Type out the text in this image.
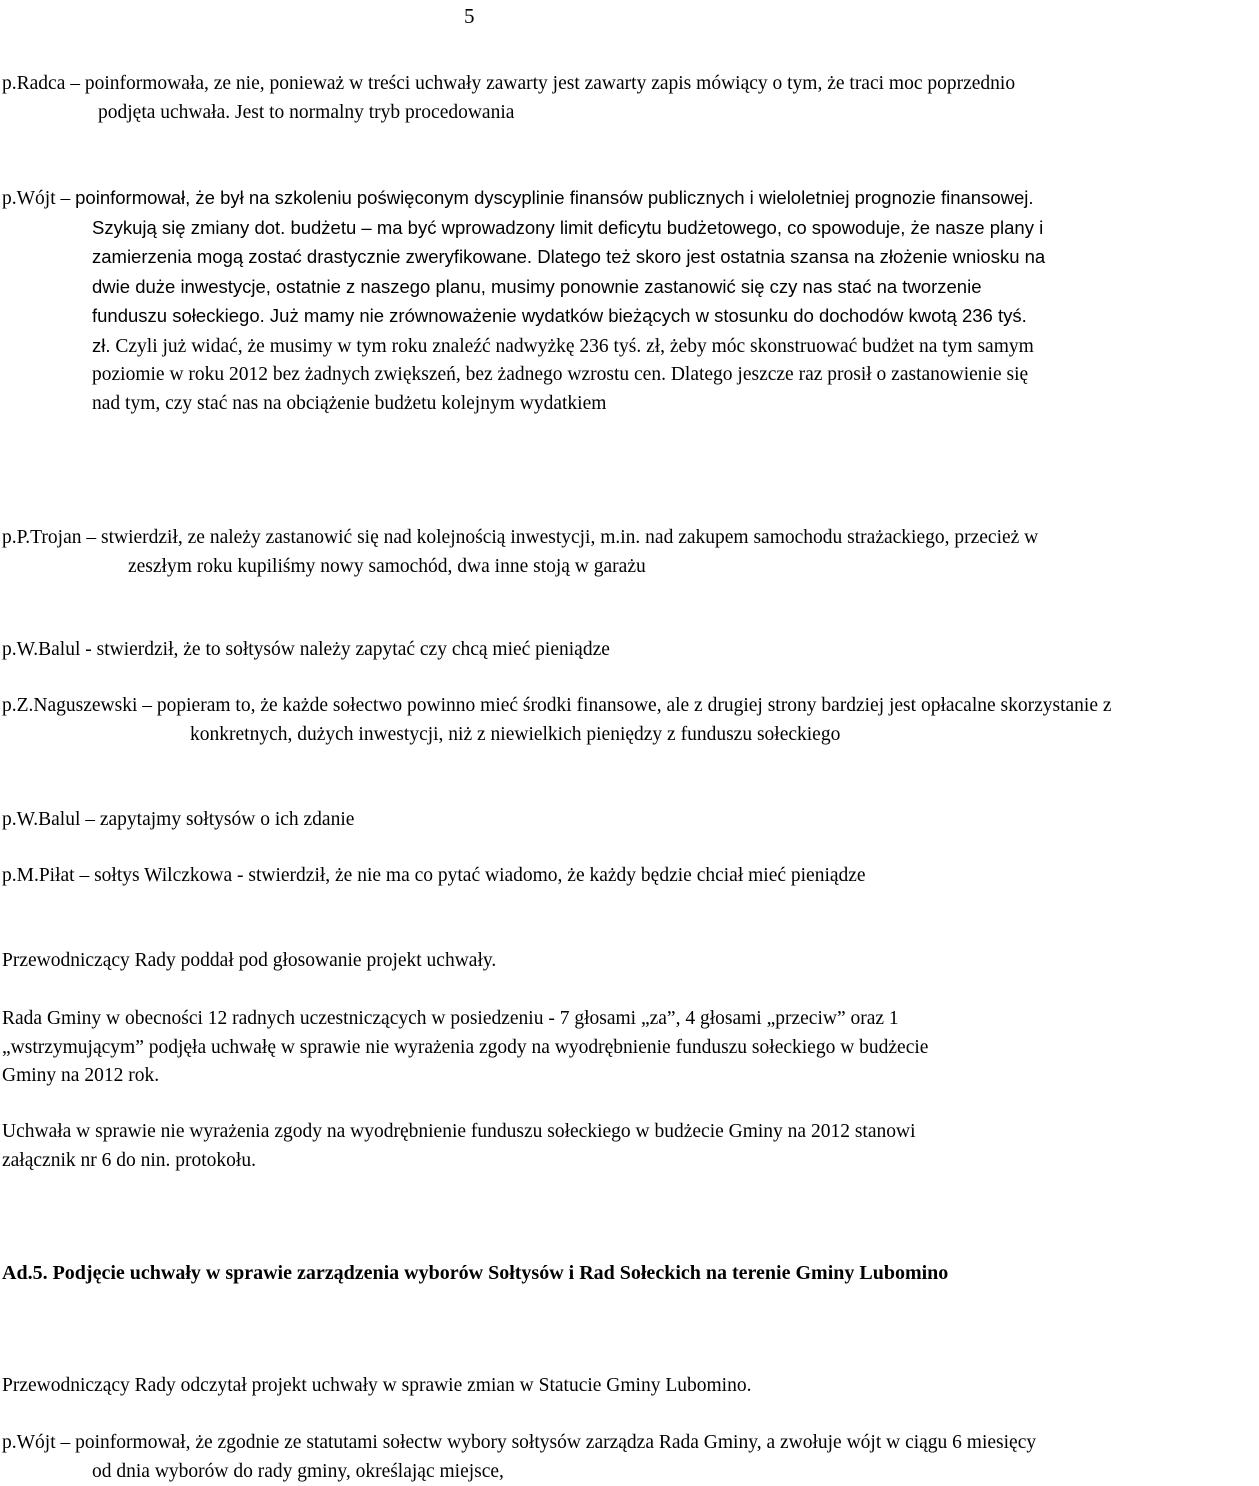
5

p.Radca – poinformowała, ze nie, ponieważ w treści uchwały zawarty jest zawarty zapis mówiący o tym, że traci moc poprzednio podjęta uchwała. Jest to normalny tryb procedowania

p.Wójt – poinformował, że był na szkoleniu poświęconym dyscyplinie finansów publicznych i wieloletniej prognozie finansowej. Szykują się zmiany dot. budżetu – ma być wprowadzony limit deficytu budżetowego, co spowoduje, że nasze plany i zamierzenia mogą zostać drastycznie zweryfikowane. Dlatego też skoro jest ostatnia szansa na złożenie wniosku na dwie duże inwestycje, ostatnie z naszego planu, musimy ponownie zastanowić się czy nas stać na tworzenie funduszu sołeckiego. Już mamy nie zrównoważenie wydatków bieżących w stosunku do dochodów kwotą 236 tyś. zł. Czyli już widać, że musimy w tym roku znaleźć nadwyżkę 236 tyś. zł, żeby móc skonstruować budżet na tym samym poziomie w roku 2012 bez żadnych zwiększeń, bez żadnego wzrostu cen. Dlatego jeszcze raz prosił o zastanowienie się nad tym, czy stać nas na obciążenie budżetu kolejnym wydatkiem

p.P.Trojan – stwierdził, ze należy zastanowić się nad kolejnością inwestycji, m.in. nad zakupem samochodu strażackiego, przecież w zeszłym roku kupiliśmy nowy samochód, dwa inne stoją w garażu

p.W.Balul - stwierdził, że to sołtysów należy zapytać czy chcą mieć pieniądze

p.Z.Naguszewski – popieram to, że każde sołectwo powinno mieć środki finansowe, ale z drugiej strony bardziej jest opłacalne skorzystanie z konkretnych, dużych inwestycji, niż z niewielkich pieniędzy z funduszu sołeckiego

p.W.Balul – zapytajmy sołtysów o ich zdanie

p.M.Piłat – sołtys Wilczkowa - stwierdził, że nie ma co pytać wiadomo, że każdy będzie chciał mieć pieniądze

Przewodniczący Rady poddał pod głosowanie projekt uchwały.

Rada Gminy w obecności 12 radnych uczestniczących w posiedzeniu - 7 głosami „za”, 4 głosami „przeciw” oraz 1 „wstrzymującym” podjęła uchwałę w sprawie nie wyrażenia zgody na wyodrębnienie funduszu sołeckiego w budżecie Gminy na 2012 rok.

Uchwała w sprawie nie wyrażenia zgody na wyodrębnienie funduszu sołeckiego w budżecie Gminy na 2012 stanowi załącznik nr 6 do nin. protokołu.

Ad.5. Podjęcie uchwały w sprawie zarządzenia wyborów Sołtysów i Rad Sołeckich na terenie Gminy Lubomino

Przewodniczący Rady odczytał projekt uchwały w sprawie zmian w Statucie Gminy Lubomino.

p.Wójt – poinformował, że zgodnie ze statutami sołectw wybory sołtysów zarządza Rada Gminy, a zwołuje wójt w ciągu 6 miesięcy od dnia wyborów do rady gminy, określając miejsce,
